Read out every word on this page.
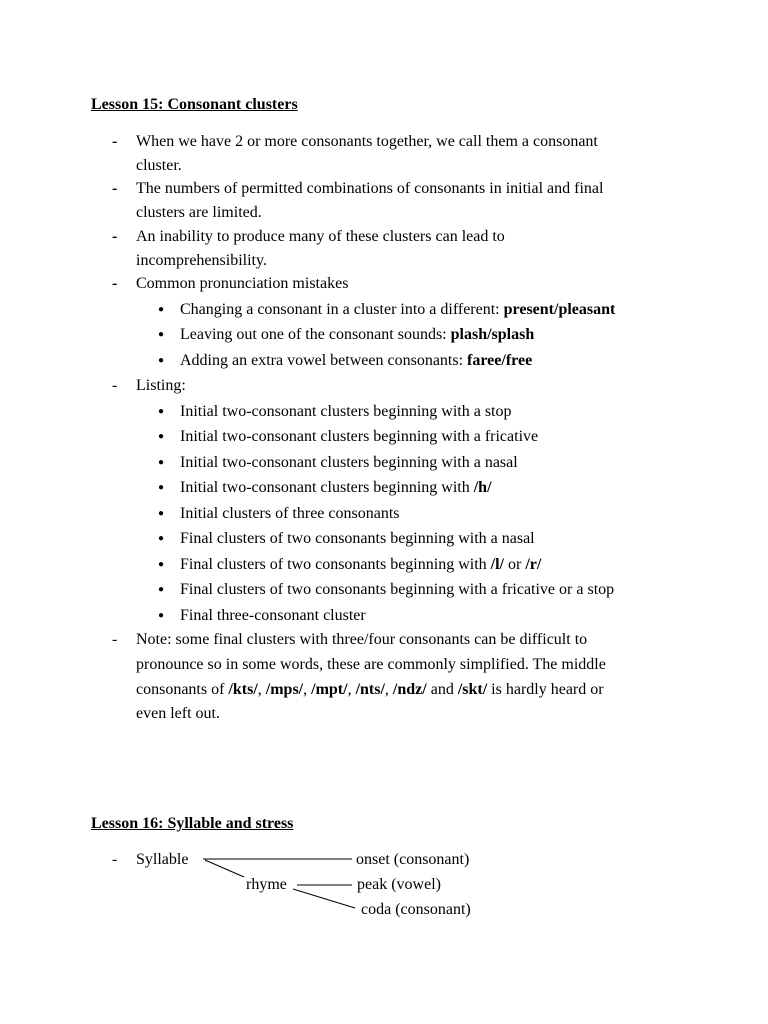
Lesson 15: Consonant clusters
-	When we have 2 or more consonants together, we call them a consonant
cluster.
-	The numbers of permitted combinations of consonants in initial and final
clusters are limited.
-	An inability to produce many of these clusters can lead to
incomprehensibility.
-	Common pronunciation mistakes
● Changing a consonant in a cluster into a different: present/pleasant
● Leaving out one of the consonant sounds: plash/splash
● Adding an extra vowel between consonants: faree/free
-	Listing:
● Initial two-consonant clusters beginning with a stop
● Initial two-consonant clusters beginning with a fricative
● Initial two-consonant clusters beginning with a nasal
● Initial two-consonant clusters beginning with /h/
● Initial clusters of three consonants
● Final clusters of two consonants beginning with a nasal
● Final clusters of two consonants beginning with /l/ or /r/
● Final clusters of two consonants beginning with a fricative or a stop
● Final three-consonant cluster
-	Note: some final clusters with three/four consonants can be difficult to
pronounce so in some words, these are commonly simplified. The middle
consonants of /kts/, /mps/, /mpt/, /nts/, /ndz/ and /skt/ is hardly heard or
even left out.
Lesson 16: Syllable and stress
-	Syllable	onset (consonant)
rhyme	peak (vowel)
coda (consonant)
